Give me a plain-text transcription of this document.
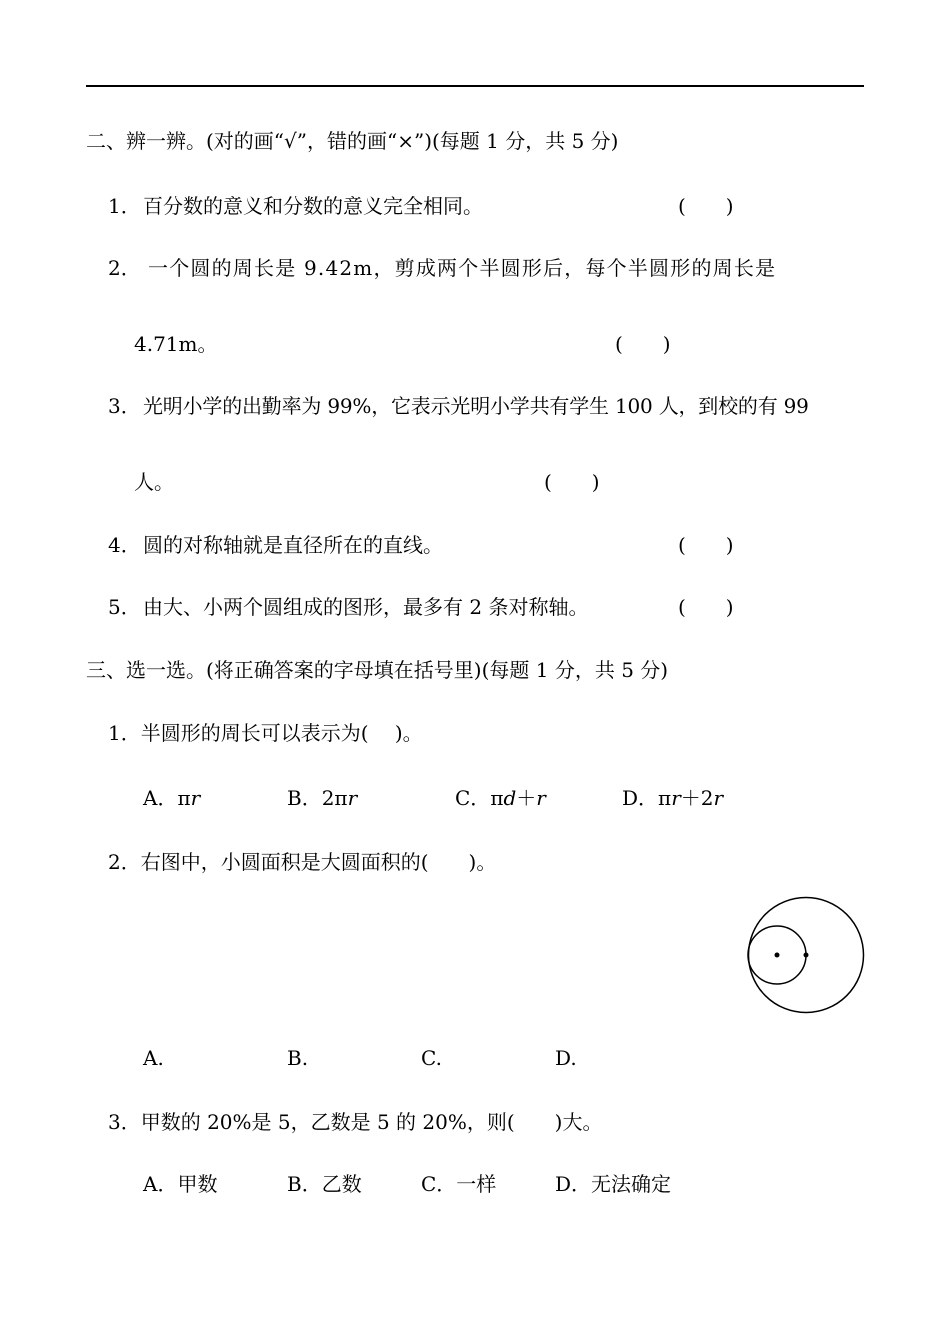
二、辨一辨。(对的画“√”，错的画“×”)(每题 1 分，共 5 分)
1． 百分数的意义和分数的意义完全相同。	(　　)
2． 一个圆的周长是 9.42m，剪成两个半圆形后，每个半圆形的周长是
4.71m。	(　　)
3． 光明小学的出勤率为 99%，它表示光明小学共有学生 100 人，到校的有 99
人。	(　　)
4． 圆的对称轴就是直径所在的直线。	(　　)
5． 由大、小两个圆组成的图形，最多有 2 条对称轴。	(　　)
三、选一选。(将正确答案的字母填在括号里)(每题 1 分，共 5 分)
1．半圆形的周长可以表示为(　 )。
A．πr	B．2πr	C．πd＋r	D．πr＋2r
2．右图中，小圆面积是大圆面积的(　　)。
A.	B.	C.	D.
3．甲数的 20%是 5，乙数是 5 的 20%，则(　　)大。
A．甲数	B．乙数	C．一样	D．无法确定
